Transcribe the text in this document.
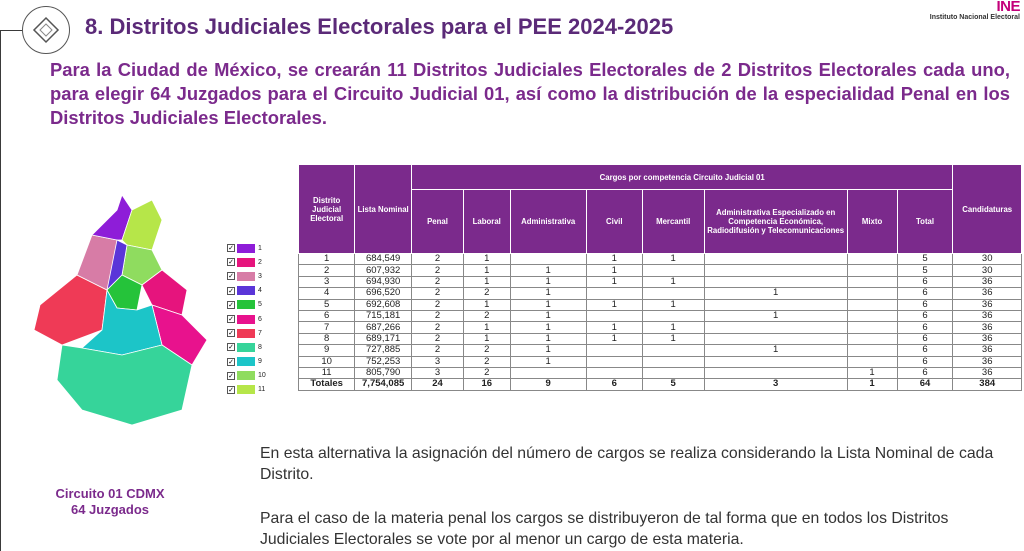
8. Distritos Judiciales Electorales para el PEE 2024-2025
INE
Instituto Nacional Electoral

Para la Ciudad de México, se crearán 11 Distritos Judiciales Electorales de 2 Distritos Electorales cada uno, para elegir 64 Juzgados para el Circuito Judicial 01, así como la distribución de la especialidad Penal en los Distritos Judiciales Electorales.

✓	1
✓	2
✓	3
✓	4
✓	5
✓	6
✓	7
✓	8
✓	9
✓	10
✓	11
Circuito 01 CDMX
64 Juzgados
Distrito Judicial Electoral	Lista Nominal	Cargos por competencia Circuito Judicial 01								Candidaturas
		Penal	Laboral	Administrativa	Civil	Mercantil	Administrativa Especializado en Competencia Económica, Radiodifusión y Telecomunicaciones	Mixto	Total	
1	684,549	2	1		1	1			5	30
2	607,932	2	1	1	1				5	30
3	694,930	2	1	1	1	1			6	36
4	696,520	2	2	1			1		6	36
5	692,608	2	1	1	1	1			6	36
6	715,181	2	2	1			1		6	36
7	687,266	2	1	1	1	1			6	36
8	689,171	2	1	1	1	1			6	36
9	727,885	2	2	1			1		6	36
10	752,253	3	2	1					6	36
11	805,790	3	2					1	6	36
Totales	7,754,085	24	16	9	6	5	3	1	64	384

En esta alternativa la asignación del número de cargos se realiza considerando la Lista Nominal de cada Distrito.

Para el caso de la materia penal los cargos se distribuyeron de tal forma que en todos los Distritos Judiciales Electorales se vote por al menor un cargo de esta materia.
